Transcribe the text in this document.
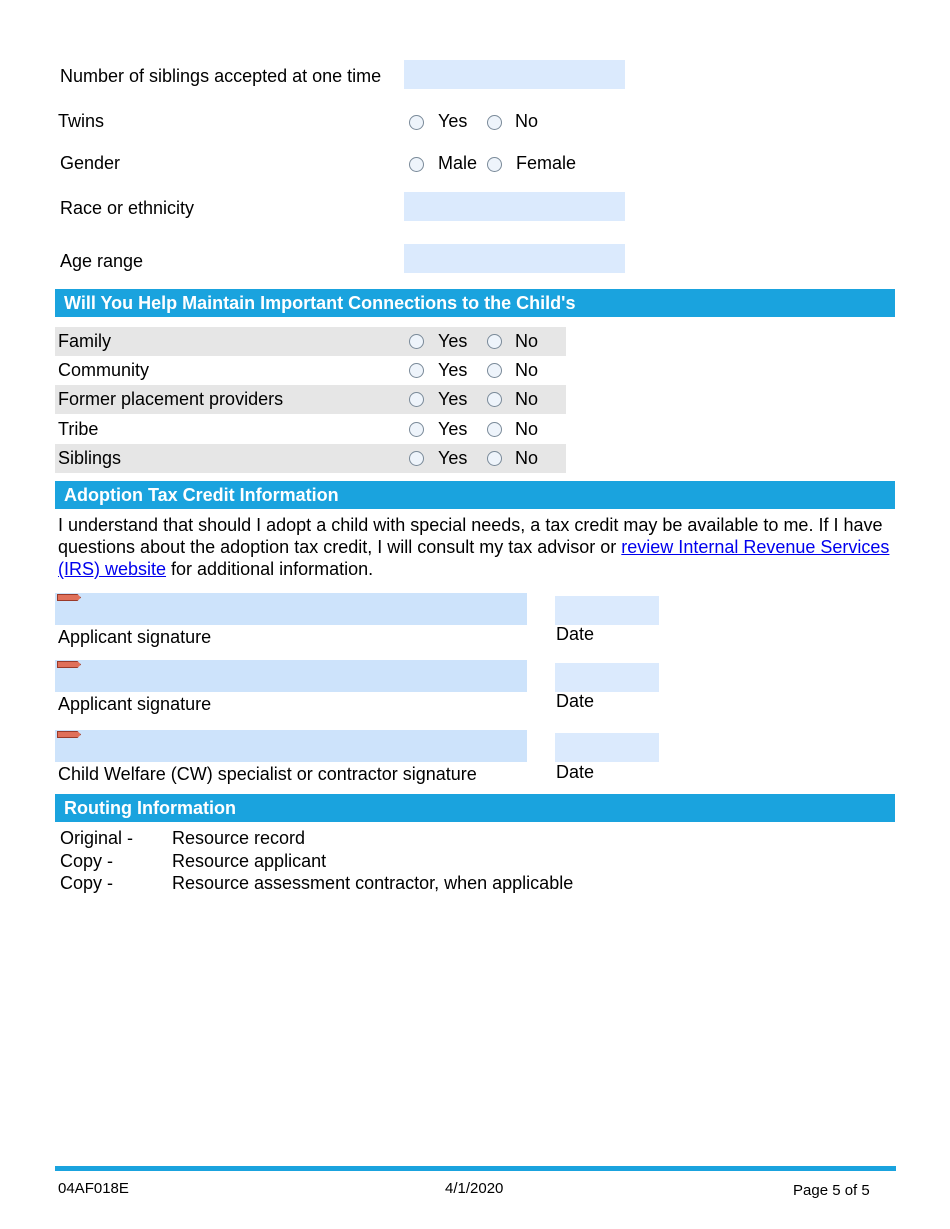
Number of siblings accepted at one time
Twins	Yes	No
Gender	Male Female
Race or ethnicity
Age range
Will You Help Maintain Important Connections to the Child's
Family	Yes	No
Community	Yes	No
Former placement providers	Yes	No
Tribe	Yes	No
Siblings	Yes	No
Adoption Tax Credit Information
I understand that should I adopt a child with special needs, a tax credit may be available to me. If I have questions about the adoption tax credit, I will consult my tax advisor or review Internal Revenue Services (IRS) website for additional information.
Applicant signature	Date
Applicant signature	Date
Child Welfare (CW) specialist or contractor signature	Date
Routing Information
Original - Resource record
Copy -	Resource applicant
Copy -	Resource assessment contractor, when applicable
04AF018E	4/1/2020	Page 5 of 5
